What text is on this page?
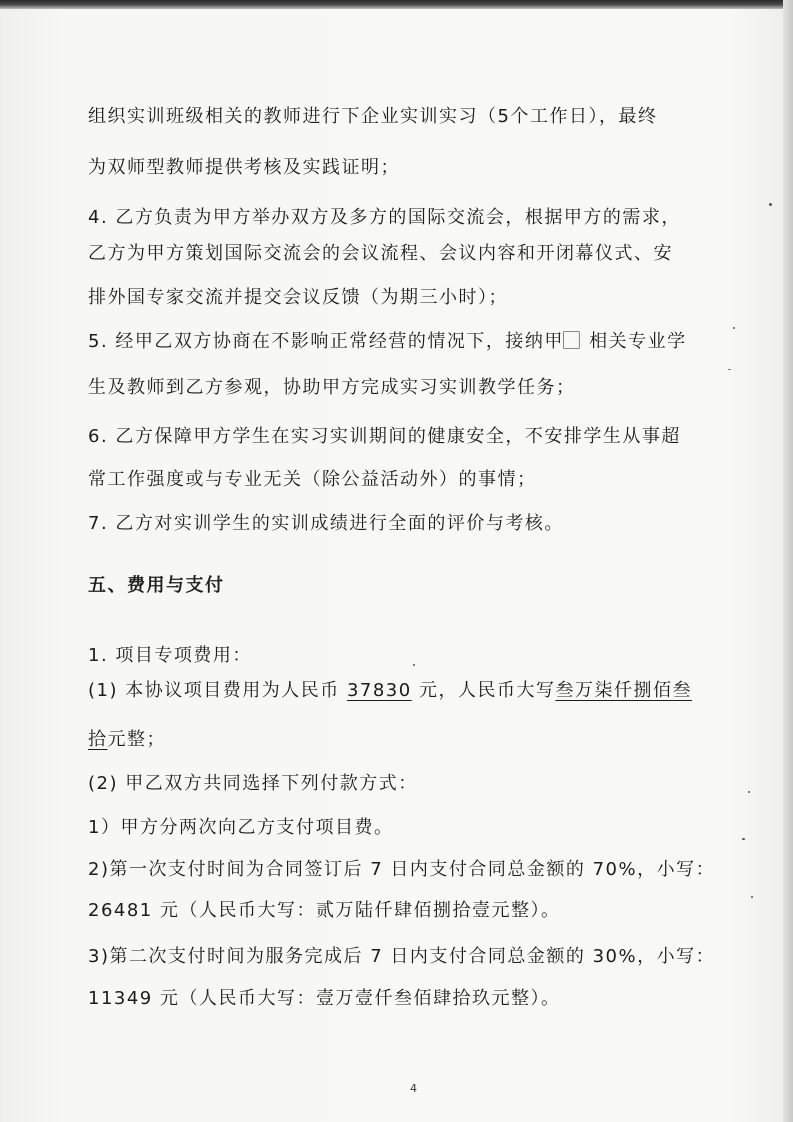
组织实训班级相关的教师进行下企业实训实习（5个工作日），最终
为双师型教师提供考核及实践证明；
4. 乙方负责为甲方举办双方及多方的国际交流会，根据甲方的需求，
乙方为甲方策划国际交流会的会议流程、会议内容和开闭幕仪式、安
排外国专家交流并提交会议反馈（为期三小时）；
5. 经甲乙双方协商在不影响正常经营的情况下，接纳甲⃞ 相关专业学
生及教师到乙方参观，协助甲方完成实习实训教学任务；
6. 乙方保障甲方学生在实习实训期间的健康安全，不安排学生从事超
常工作强度或与专业无关（除公益活动外）的事情；
7. 乙方对实训学生的实训成绩进行全面的评价与考核。
五、费用与支付
1. 项目专项费用：
(1) 本协议项目费用为人民币 37830 元，人民币大写叁万柒仟捌佰叁
拾元整；
(2) 甲乙双方共同选择下列付款方式：
1）甲方分两次向乙方支付项目费。
2)第一次支付时间为合同签订后 7 日内支付合同总金额的 70%，小写：
26481 元（人民币大写：贰万陆仟肆佰捌拾壹元整）。
3)第二次支付时间为服务完成后 7 日内支付合同总金额的 30%，小写：
11349 元（人民币大写：壹万壹仟叁佰肆拾玖元整）。
4
